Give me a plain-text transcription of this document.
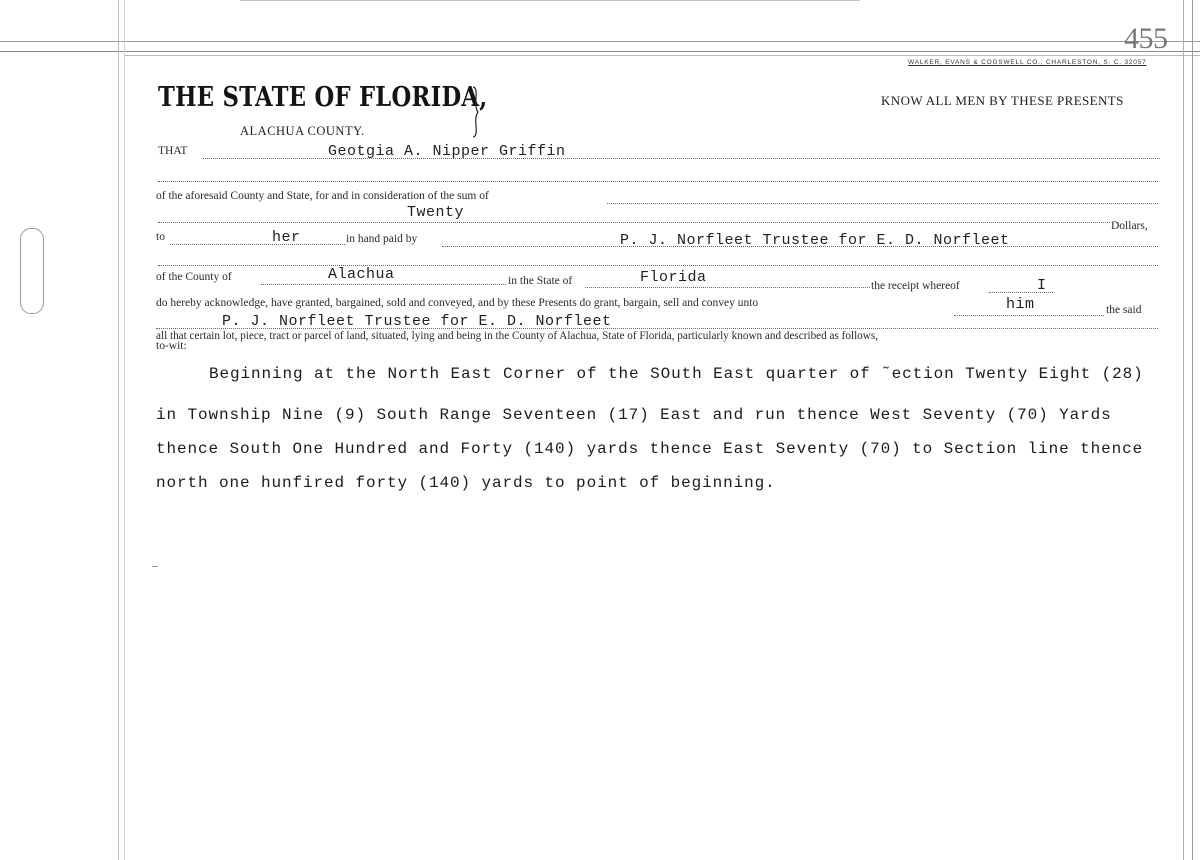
455
WALKER, EVANS & COGSWELL CO., CHARLESTON, S. C. 32057
THE STATE OF FLORIDA,	KNOW ALL MEN BY THESE PRESENTS
ALACHUA COUNTY.
THAT	Geotgia A. Nipper Griffin
of the aforesaid County and State, for and in consideration of the sum of
Twenty
Dollars,
to	her	in hand paid by	P. J. Norfleet Trustee for E. D. Norfleet
of the County of	Alachua	in the State of	Florida	the receipt whereof	I
do hereby acknowledge, have granted, bargained, sold and conveyed, and by these Presents do grant, bargain, sell and convey unto	him	the said
P. J. Norfleet Trustee for E. D. Norfleet
all that certain lot, piece, tract or parcel of land, situated, lying and being in the County of Alachua, State of Florida, particularly known and described as follows,
to-wit:
Beginning at the North East Corner of the SOuth East quarter of ˜ection Twenty Eight (28)
in Township Nine (9) South Range Seventeen (17) East and run thence West Seventy (70) Yards
thence South One Hundred and Forty (140) yards thence East Seventy (70) to Section line thence
north one hunfired forty (140) yards to point of beginning.
